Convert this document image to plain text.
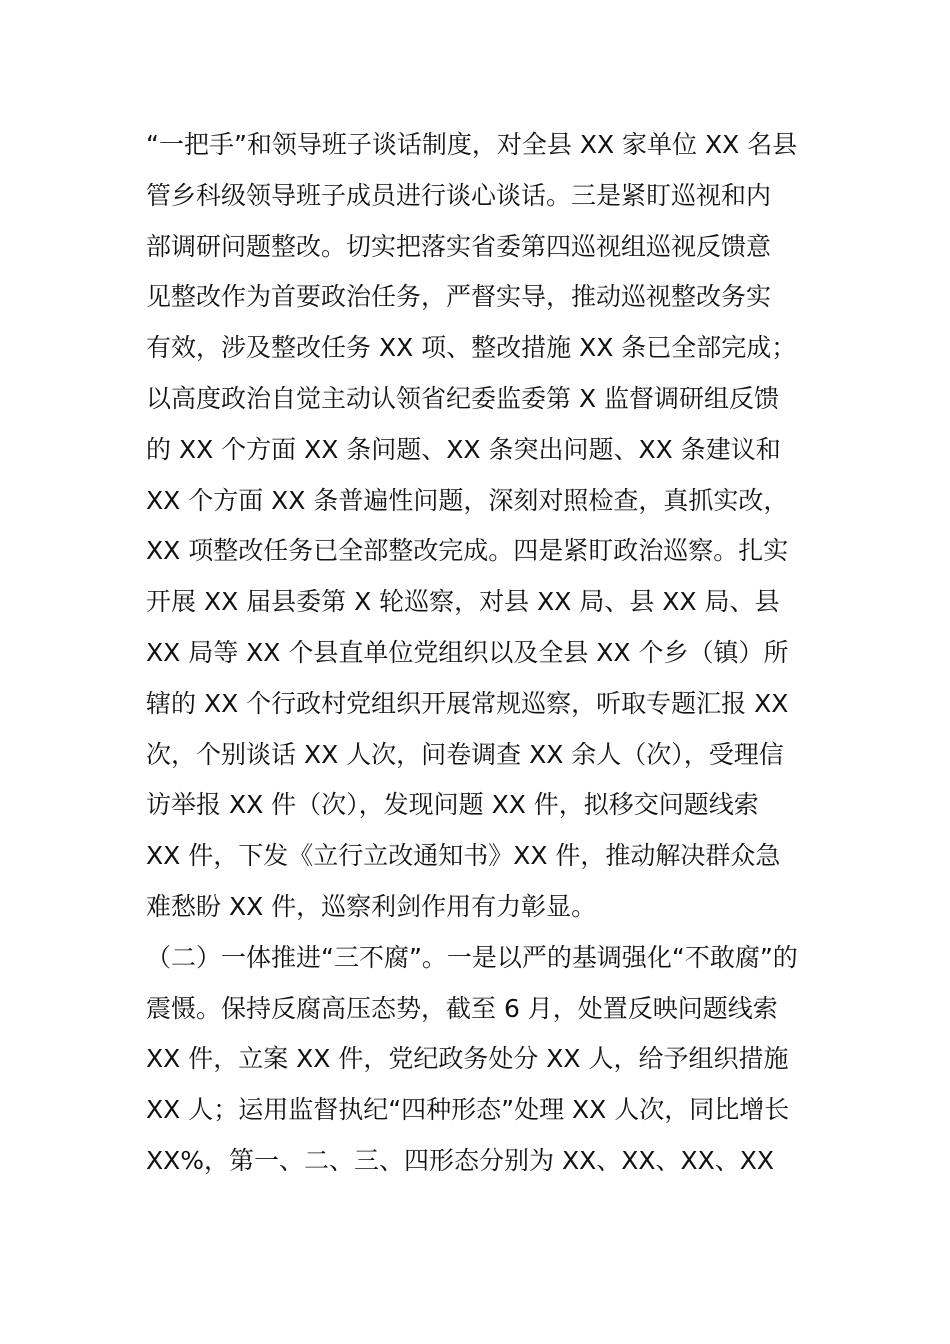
“一把手”和领导班子谈话制度，对全县 XX 家单位 XX 名县
管乡科级领导班子成员进行谈心谈话。三是紧盯巡视和内
部调研问题整改。切实把落实省委第四巡视组巡视反馈意
见整改作为首要政治任务，严督实导，推动巡视整改务实
有效，涉及整改任务 XX 项、整改措施 XX 条已全部完成；
以高度政治自觉主动认领省纪委监委第 X 监督调研组反馈
的 XX 个方面 XX 条问题、XX 条突出问题、XX 条建议和
XX 个方面 XX 条普遍性问题，深刻对照检查，真抓实改，
XX 项整改任务已全部整改完成。四是紧盯政治巡察。扎实
开展 XX 届县委第 X 轮巡察，对县 XX 局、县 XX 局、县
XX 局等 XX 个县直单位党组织以及全县 XX 个乡（镇）所
辖的 XX 个行政村党组织开展常规巡察，听取专题汇报 XX
次，个别谈话 XX 人次，问卷调查 XX 余人（次），受理信
访举报 XX 件（次），发现问题 XX 件，拟移交问题线索
XX 件，下发《立行立改通知书》XX 件，推动解决群众急
难愁盼 XX 件，巡察利剑作用有力彰显。
（二）一体推进“三不腐”。一是以严的基调强化“不敢腐”的
震慑。保持反腐高压态势，截至 6 月，处置反映问题线索
XX 件，立案 XX 件，党纪政务处分 XX 人，给予组织措施
XX 人；运用监督执纪“四种形态”处理 XX 人次，同比增长
XX%，第一、二、三、四形态分别为 XX、XX、XX、XX
